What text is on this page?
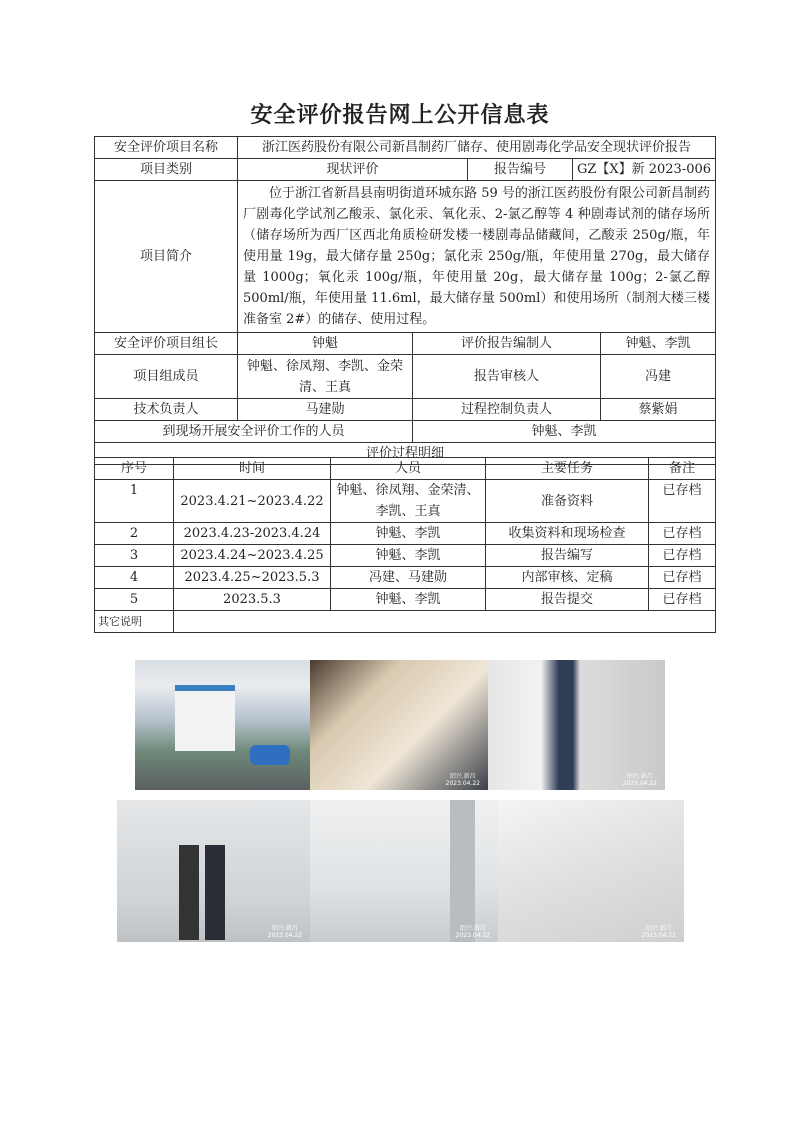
安全评价报告网上公开信息表
安全评价项目名称	浙江医药股份有限公司新昌制药厂储存、使用剧毒化学品安全现状评价报告				
项目类别	现状评价		报告编号	GZ【X】新 2023-006	
项目简介	位于浙江省新昌县南明街道环城东路 59 号的浙江医药股份有限公司新昌制药厂剧毒化学试剂乙酸汞、氯化汞、氧化汞、2-氯乙醇等 4 种剧毒试剂的储存场所（储存场所为西厂区西北角质检研发楼一楼剧毒品储藏间，乙酸汞 250g/瓶，年使用量 19g，最大储存量 250g；氯化汞 250g/瓶，年使用量 270g，最大储存量 1000g；氧化汞 100g/瓶，年使用量 20g，最大储存量 100g；2-氯乙醇 500ml/瓶，年使用量 11.6ml，最大储存量 500ml）和使用场所（制剂大楼三楼准备室 2#）的储存、使用过程。				
安全评价项目组长	钟魁	评价报告编制人			钟魁、李凯
项目组成员	钟魁、徐凤翔、李凯、金荣清、王真	报告审核人			冯建
技术负责人	马建勋	过程控制负责人			蔡紫娟
到现场开展安全评价工作的人员		钟魁、李凯			
评价过程明细					
序号	时间	人员	主要任务	备注
1	2023.4.21~2023.4.22	钟魁、徐凤翔、金荣清、李凯、王真	准备资料	已存档
2	2023.4.23-2023.4.24	钟魁、李凯	收集资料和现场检查	已存档
3	2023.4.24~2023.4.25	钟魁、李凯	报告编写	已存档
4	2023.4.25~2023.5.3	冯建、马建勋	内部审核、定稿	已存档
5	2023.5.3	钟魁、李凯	报告提交	已存档
其它说明				
绍兴.新昌
2023.04.22
绍兴.新昌
2023.04.22
绍兴.新昌
2023.04.22
绍兴.新昌
2023.04.22
绍兴.新昌
2023.04.22
